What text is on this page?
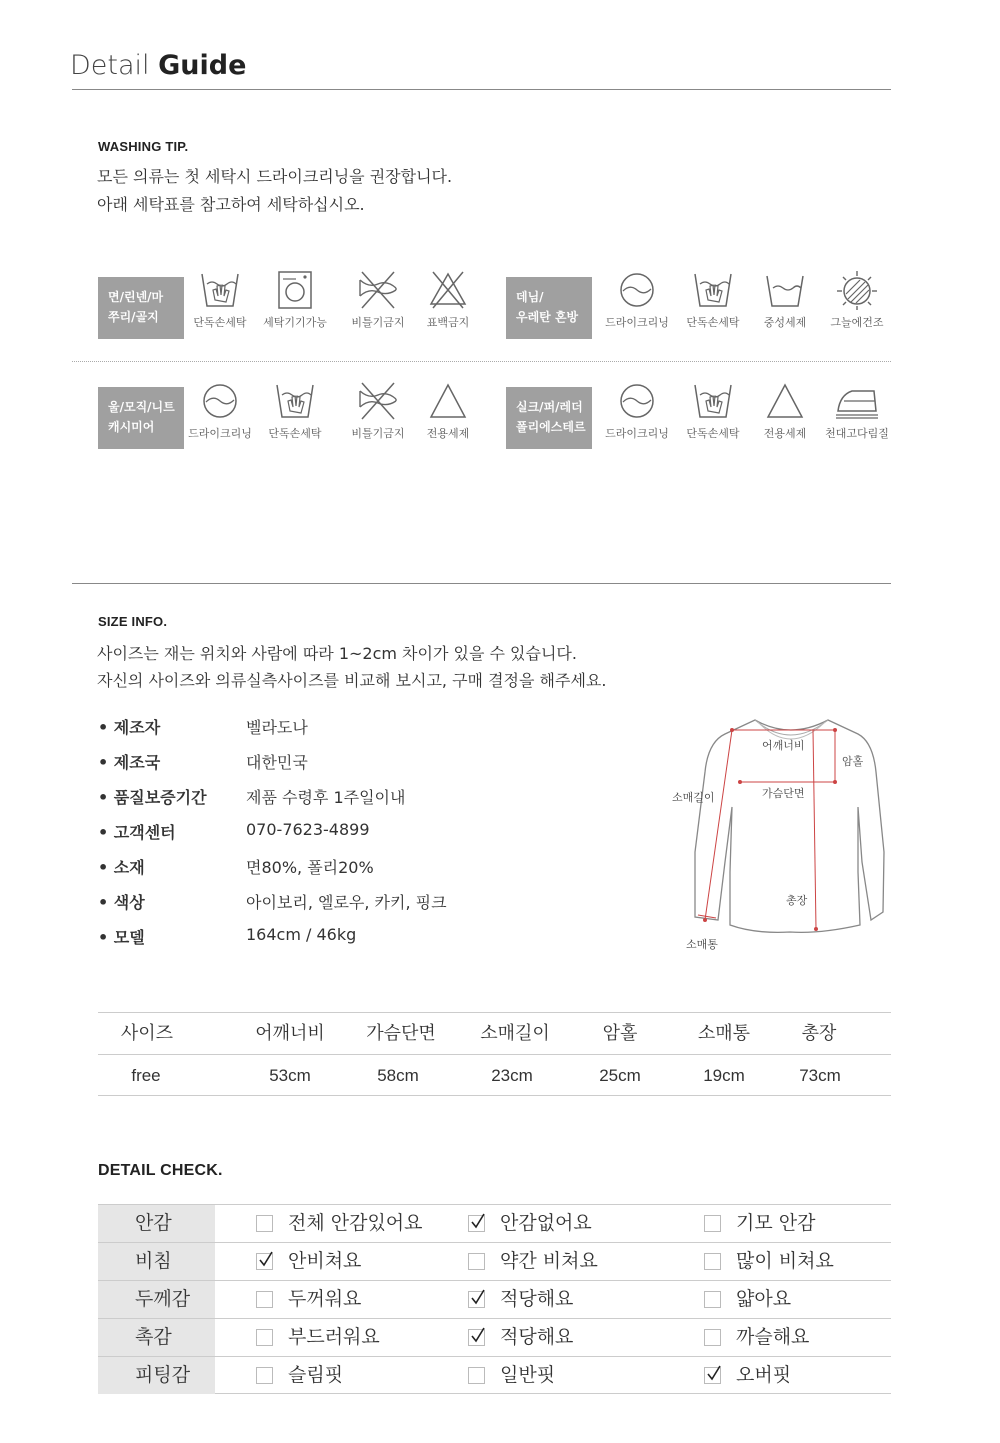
Detail Guide
WASHING TIP.
모든 의류는 첫 세탁시 드라이크리닝을 권장합니다.
아래 세탁표를 참고하여 세탁하십시오.
면/린넨/마
쭈리/골지	단독손세탁	세탁기기가능	비틀기금지	표백금지
데님/
우레탄 혼방	드라이크리닝	단독손세탁	중성세제	그늘에건조
울/모직/니트
캐시미어	드라이크리닝	단독손세탁	비틀기금지	전용세제
실크/퍼/레더
폴리에스테르	드라이크리닝	단독손세탁	전용세제	천대고다림질
SIZE INFO.
사이즈는 재는 위치와 사람에 따라 1~2cm 차이가 있을 수 있습니다.
자신의 사이즈와 의류실측사이즈를 비교해 보시고, 구매 결정을 해주세요.
• 제조자	벨라도나
• 제조국	대한민국
• 품질보증기간 제품 수령후 1주일이내
• 고객센터	070-7623-4899
• 소재	면80%, 폴리20%
• 색상	아이보리, 엘로우, 카키, 핑크
• 모델	164cm / 46kg
어깨너비
암홀
소매길이	가슴단면
총장
소매통
사이즈	어깨너비	가슴단면	소매길이	암홀	소매통	총장
free	53cm	58cm	23cm	25cm	19cm	73cm
DETAIL CHECK.
안감	전체 안감있어요	안감없어요	기모 안감
비침	안비쳐요	약간 비쳐요	많이 비쳐요
두께감	두꺼워요	적당해요	얇아요
촉감	부드러워요	적당해요	까슬해요
피팅감	슬림핏	일반핏	오버핏
